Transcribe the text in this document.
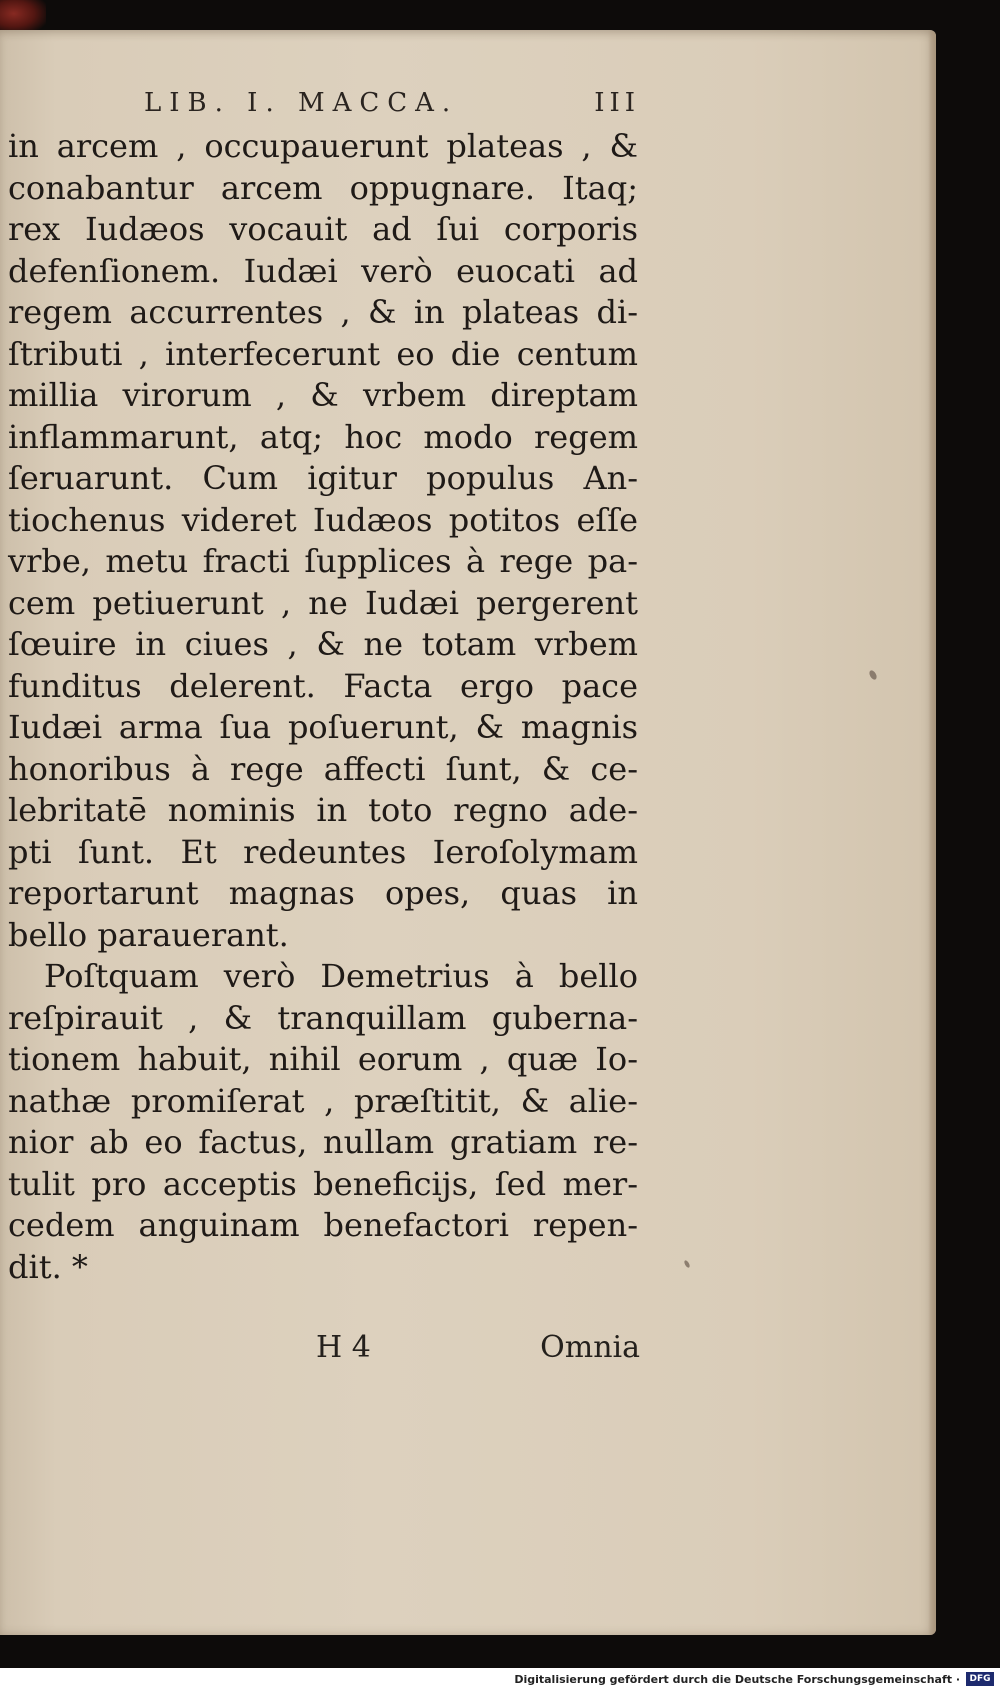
LIB. I. MACCA.	III
in arcem , occupauerunt plateas , &
conabantur arcem oppugnare. Itaq;
rex Iudæos vocauit ad ſui corporis
defenſionem. Iudæi verò euocati ad
regem accurrentes , & in plateas di-
ſtributi , interfecerunt eo die centum
millia virorum , & vrbem direptam
inflammarunt, atq; hoc modo regem
ſeruarunt. Cum igitur populus An-
tiochenus videret Iudæos potitos eſſe
vrbe, metu fracti ſupplices à rege pa-
cem petiuerunt , ne Iudæi pergerent
ſœuire in ciues , & ne totam vrbem
funditus delerent. Facta ergo pace
Iudæi arma ſua poſuerunt, & magnis
honoribus à rege affecti ſunt, & ce-
lebritatē nominis in toto regno ade-
pti ſunt. Et redeuntes Ieroſolymam
reportarunt magnas opes, quas in
bello parauerant.
Poſtquam verò Demetrius à bello
reſpirauit , & tranquillam guberna-
tionem habuit, nihil eorum , quæ Io-
nathæ promiſerat , præſtitit, & alie-
nior ab eo factus, nullam gratiam re-
tulit pro acceptis beneficijs, ſed mer-
cedem anguinam benefactori repen-
dit. *
H 4	Omnia
Digitalisierung gefördert durch die Deutsche Forschungsgemeinschaft ·	DFG
